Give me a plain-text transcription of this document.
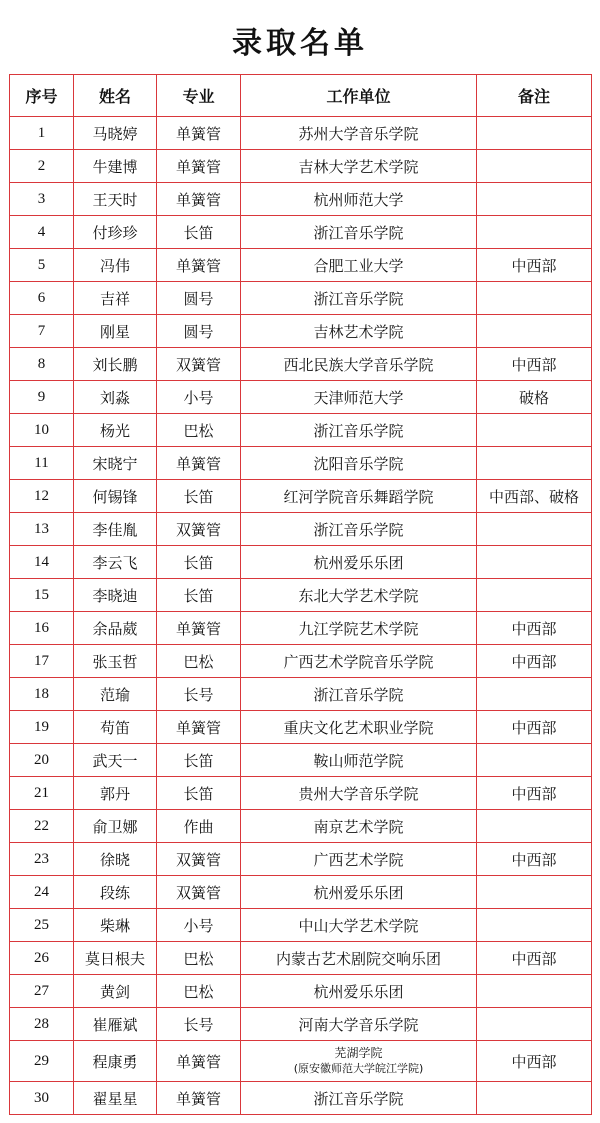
录取名单
序号	姓名	专业	工作单位	备注
1	马晓婷	单簧管	苏州大学音乐学院	
2	牛建博	单簧管	吉林大学艺术学院	
3	王天时	单簧管	杭州师范大学	
4	付珍珍	长笛	浙江音乐学院	
5	冯伟	单簧管	合肥工业大学	中西部
6	吉祥	圆号	浙江音乐学院	
7	刚星	圆号	吉林艺术学院	
8	刘长鹏	双簧管	西北民族大学音乐学院	中西部
9	刘淼	小号	天津师范大学	破格
10	杨光	巴松	浙江音乐学院	
11	宋晓宁	单簧管	沈阳音乐学院	
12	何锡锋	长笛	红河学院音乐舞蹈学院	中西部、破格
13	李佳胤	双簧管	浙江音乐学院	
14	李云飞	长笛	杭州爱乐乐团	
15	李晓迪	长笛	东北大学艺术学院	
16	余品葳	单簧管	九江学院艺术学院	中西部
17	张玉哲	巴松	广西艺术学院音乐学院	中西部
18	范瑜	长号	浙江音乐学院	
19	苟笛	单簧管	重庆文化艺术职业学院	中西部
20	武天一	长笛	鞍山师范学院	
21	郭丹	长笛	贵州大学音乐学院	中西部
22	俞卫娜	作曲	南京艺术学院	
23	徐晓	双簧管	广西艺术学院	中西部
24	段练	双簧管	杭州爱乐乐团	
25	柴琳	小号	中山大学艺术学院	
26	莫日根夫	巴松	内蒙古艺术剧院交响乐团	中西部
27	黄剑	巴松	杭州爱乐乐团	
28	崔雁斌	长号	河南大学音乐学院	
29	程康勇	单簧管	芜湖学院
(原安徽师范大学皖江学院)	中西部
30	翟星星	单簧管	浙江音乐学院	
